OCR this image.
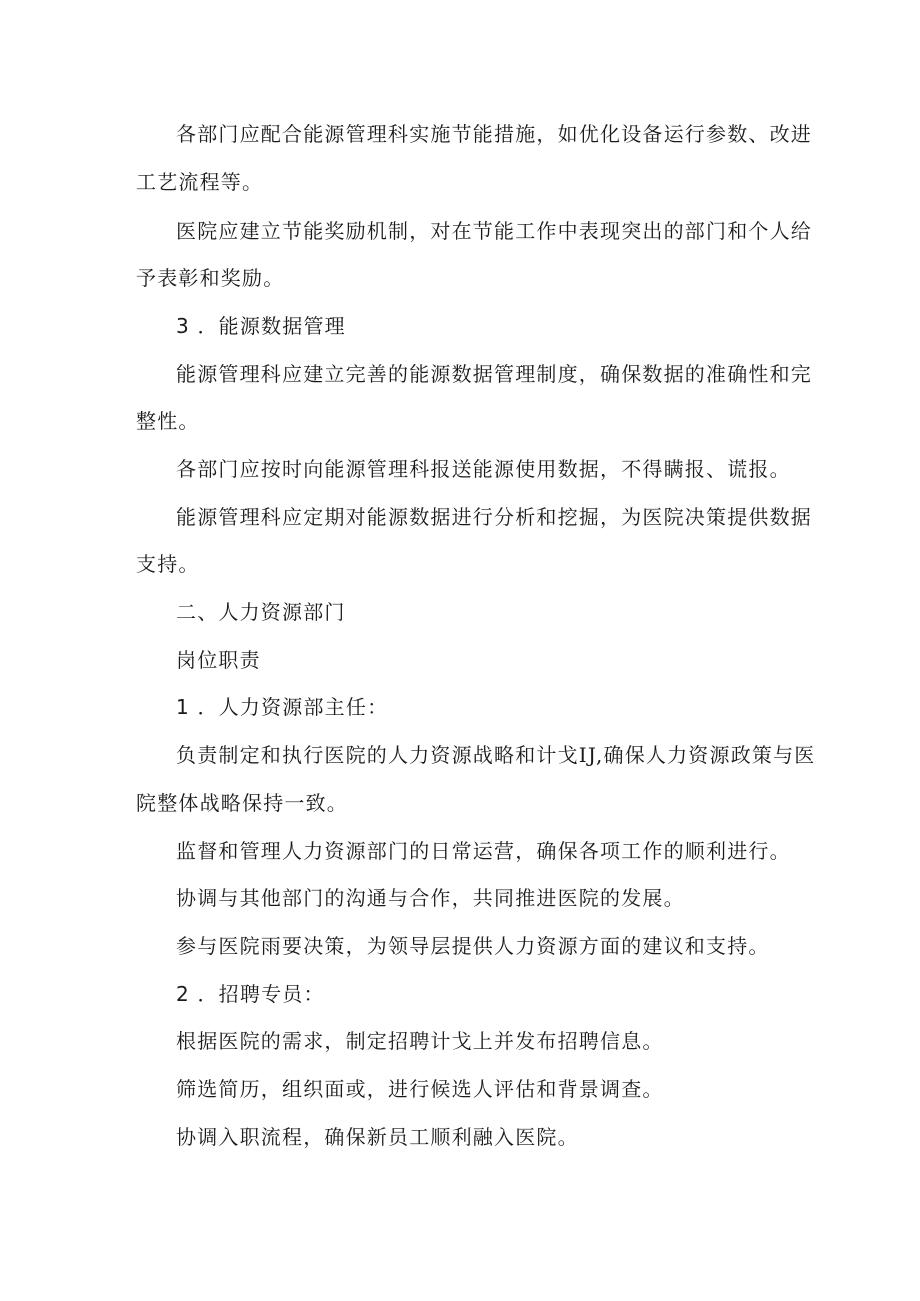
各部门应配合能源管理科实施节能措施，如优化设备运行参数、改进
工艺流程等。
医院应建立节能奖励机制，对在节能工作中表现突出的部门和个人给
予表彰和奖励。
3 ．能源数据管理
能源管理科应建立完善的能源数据管理制度，确保数据的准确性和完
整性。
各部门应按时向能源管理科报送能源使用数据，不得瞒报、谎报。
能源管理科应定期对能源数据进行分析和挖掘，为医院决策提供数据
支持。
二、人力资源部门
岗位职责
1 ．人力资源部主任：
负责制定和执行医院的人力资源战略和计戈IJ,确保人力资源政策与医
院整体战略保持一致。
监督和管理人力资源部门的日常运营，确保各项工作的顺利进行。
协调与其他部门的沟通与合作，共同推进医院的发展。
参与医院雨要决策，为领导层提供人力资源方面的建议和支持。
2 ．招聘专员：
根据医院的需求，制定招聘计戈上并发布招聘信息。
筛选简历，组织面或，进行候选人评估和背景调查。
协调入职流程，确保新员工顺利融入医院。
